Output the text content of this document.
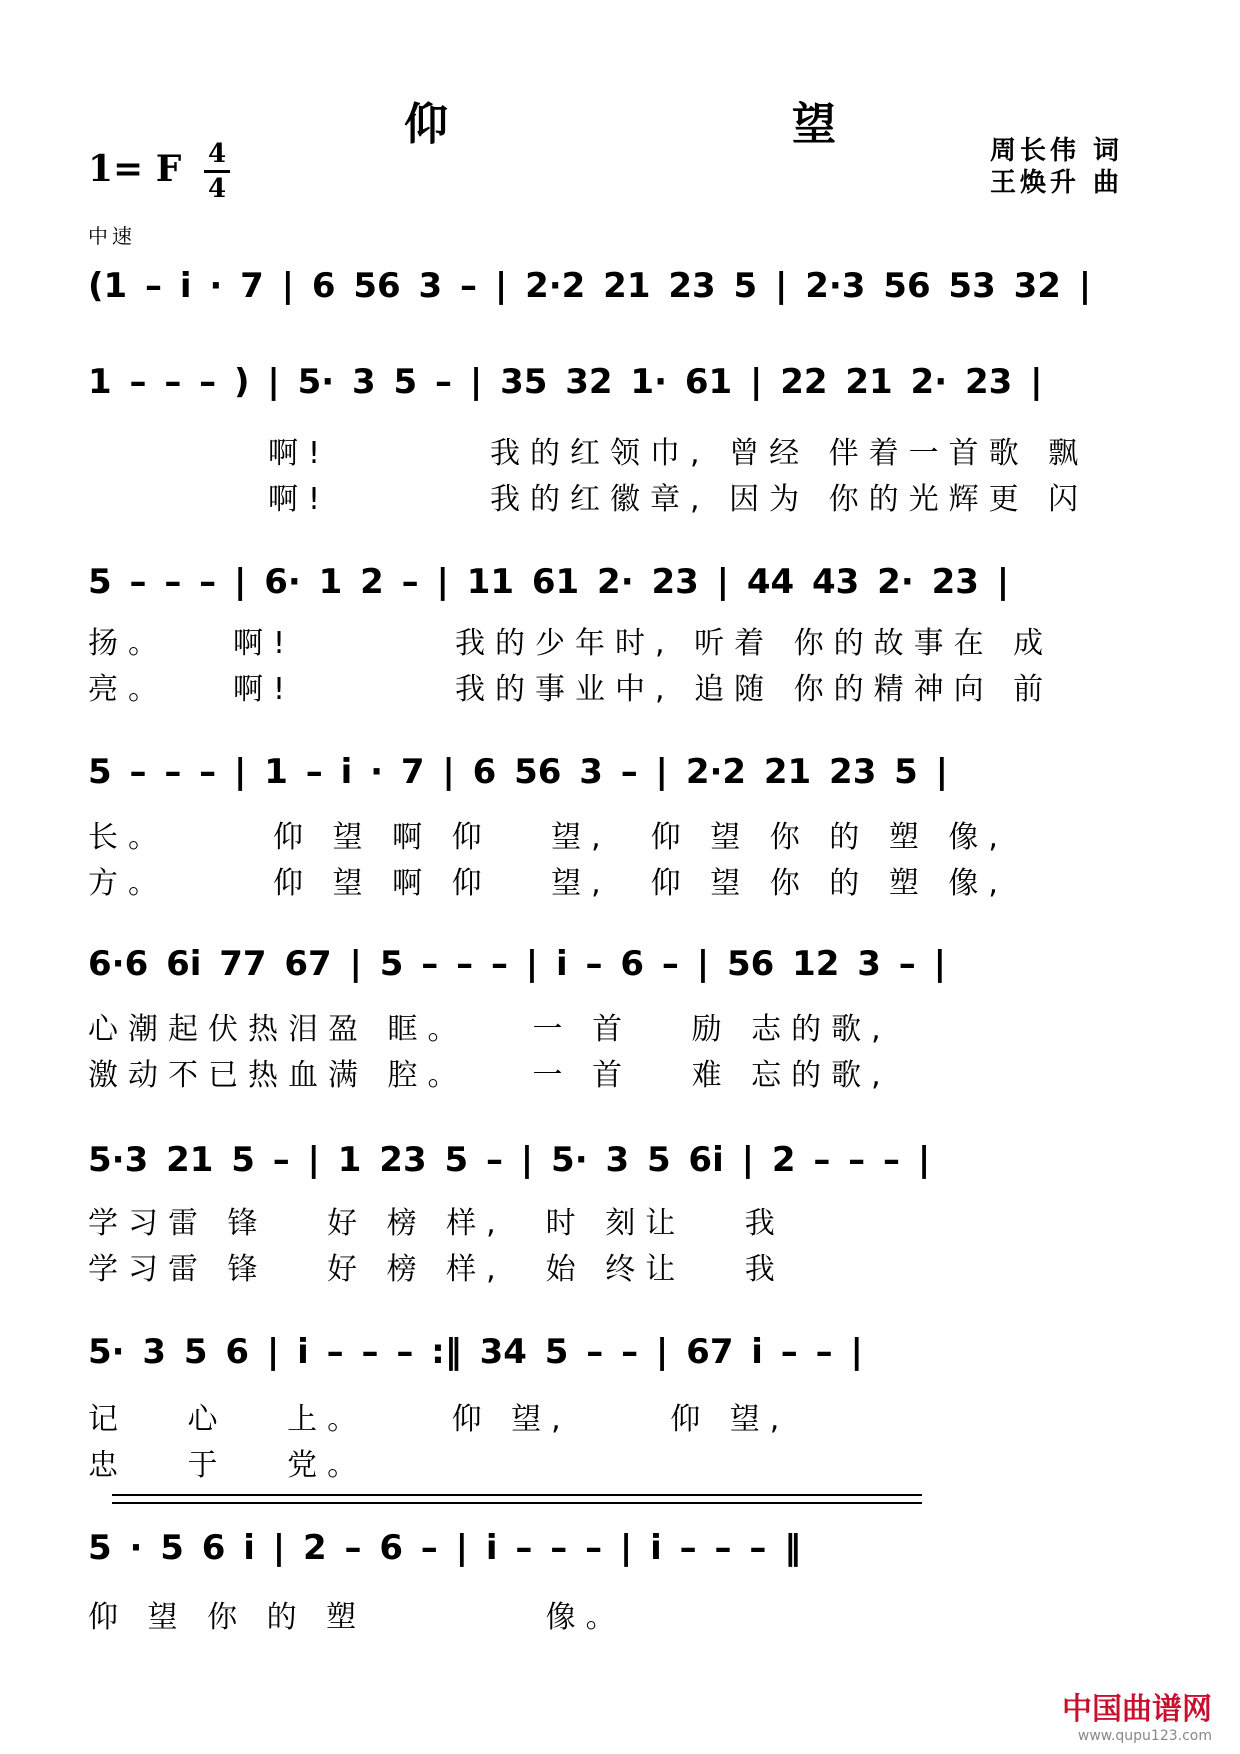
仰　望
1= F 4
4
周长伟 词
王焕升 曲
中速
(1 – i · 7 | 6 56 3 – | 2·2 21 23 5 | 2·3 56 53 32 |
1 – – – ) | 5· 3 5 – | 35 32 1· 61 | 22 21 2· 23 |
啊!　　　　我的红领巾, 曾经 伴着一首歌 飘
啊!　　　　我的红徽章, 因为 你的光辉更 闪
5 – – – | 6· 1 2 – | 11 61 2· 23 | 44 43 2· 23 |
扬。　　啊!　　　　我的少年时, 听着 你的故事在 成
亮。　　啊!　　　　我的事业中, 追随 你的精神向 前
5 – – – | 1 – i · 7 | 6 56 3 – | 2·2 21 23 5 |
长。　　　仰 望 啊 仰　 望,　仰 望 你 的 塑 像,
方。　　　仰 望 啊 仰　 望,　仰 望 你 的 塑 像,
6·6 6i 77 67 | 5 – – – | i – 6 – | 56 12 3 – |
心潮起伏热泪盈 眶。　　一 首　 励 志的歌,
激动不已热血满 腔。　　一 首　 难 忘的歌,
5·3 21 5 – | 1 23 5 – | 5· 3 5 6i | 2 – – – |
学习雷 锋　 好 榜 样,　时 刻让　 我
学习雷 锋　 好 榜 样,　始 终让　 我
5· 3 5 6 | i – – – :‖ 34 5 – – | 67 i – – |
记　 心　 上。　　 仰 望,　　 仰 望,
忠　 于　 党。
5 · 5 6 i | 2 – 6 – | i – – – | i – – – ‖
仰 望 你 的 塑　　　　 像。
中国曲谱网
www.qupu123.com
